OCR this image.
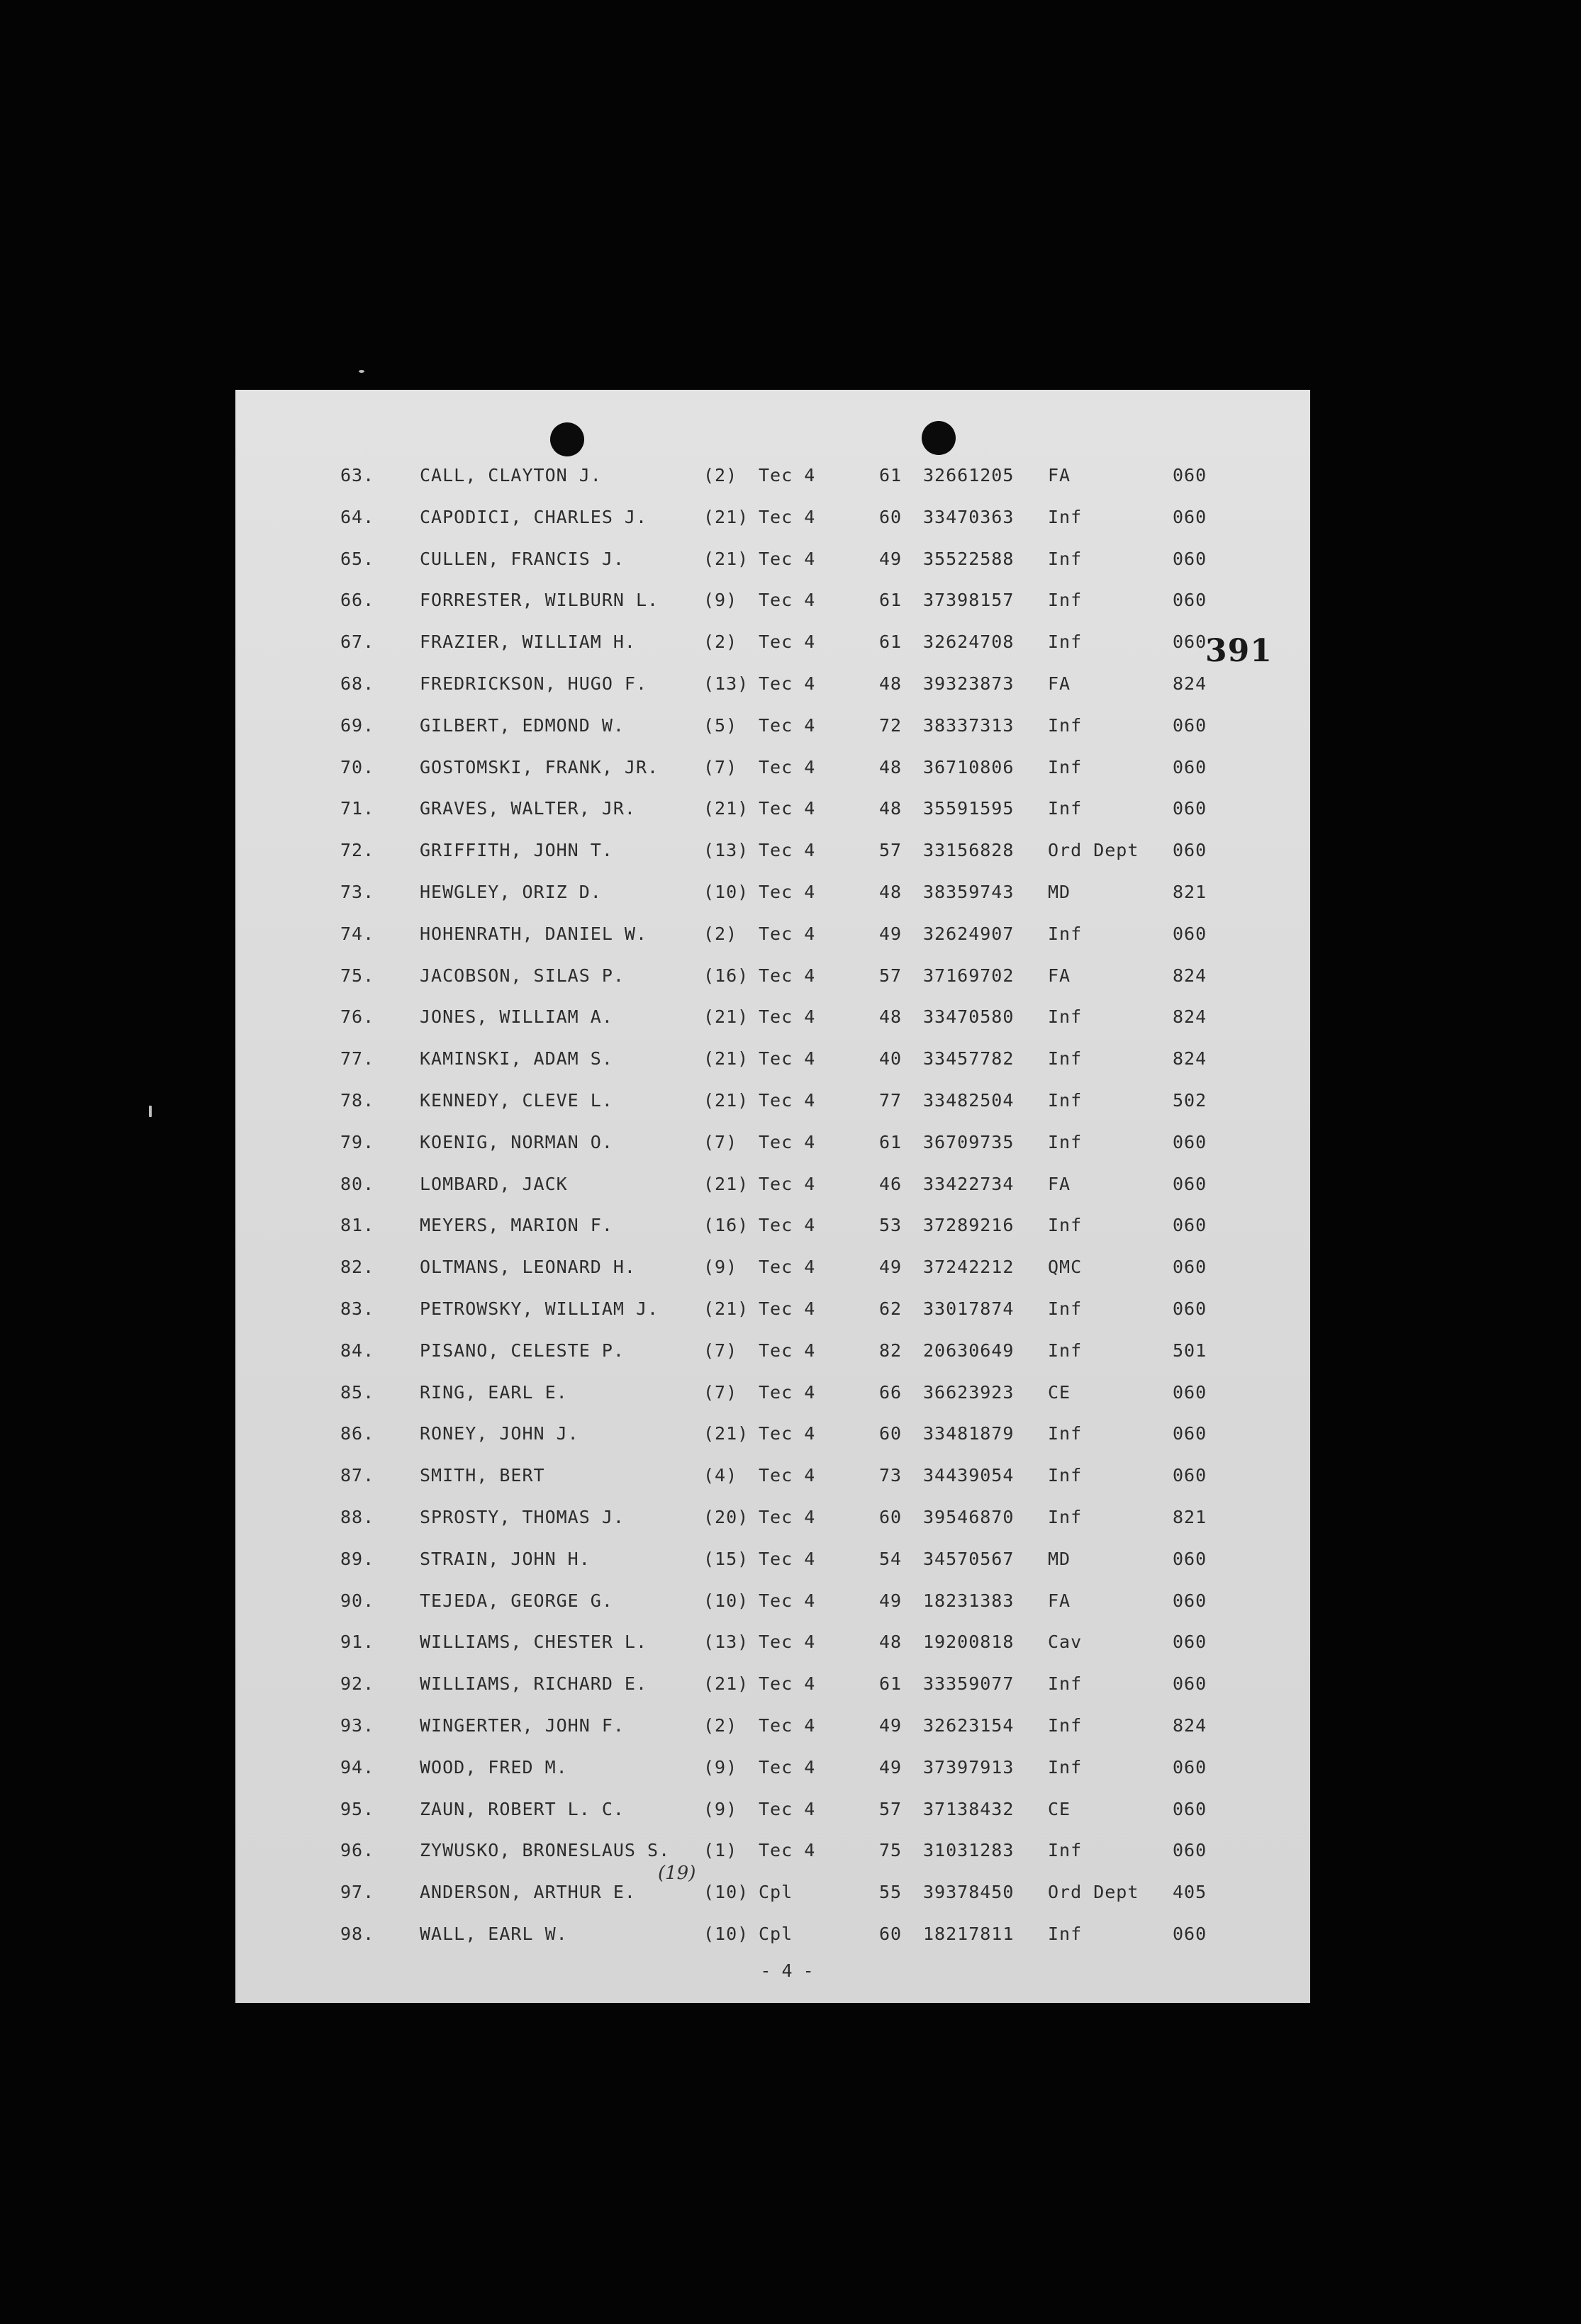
391
63.	CALL, CLAYTON J.	(2) Tec 4	61 32661205 FA	060
64.	CAPODICI, CHARLES J.	(21) Tec 4	60 33470363 Inf	060
65.	CULLEN, FRANCIS J.	(21) Tec 4	49 35522588 Inf	060
66.	FORRESTER, WILBURN L.	(9) Tec 4	61 37398157 Inf	060
67.	FRAZIER, WILLIAM H.	(2) Tec 4	61 32624708 Inf	060
68.	FREDRICKSON, HUGO F.	(13) Tec 4	48 39323873 FA	824
69.	GILBERT, EDMOND W.	(5) Tec 4	72 38337313 Inf	060
70.	GOSTOMSKI, FRANK, JR.	(7) Tec 4	48 36710806 Inf	060
71.	GRAVES, WALTER, JR.	(21) Tec 4	48 35591595 Inf	060
72.	GRIFFITH, JOHN T.	(13) Tec 4	57 33156828 Ord Dept 060
73.	HEWGLEY, ORIZ D.	(10) Tec 4	48 38359743 MD	821
74.	HOHENRATH, DANIEL W.	(2) Tec 4	49 32624907 Inf	060
75.	JACOBSON, SILAS P.	(16) Tec 4	57 37169702 FA	824
76.	JONES, WILLIAM A.	(21) Tec 4	48 33470580 Inf	824
77.	KAMINSKI, ADAM S.	(21) Tec 4	40 33457782 Inf	824
78.	KENNEDY, CLEVE L.	(21) Tec 4	77 33482504 Inf	502
79.	KOENIG, NORMAN O.	(7) Tec 4	61 36709735 Inf	060
80.	LOMBARD, JACK	(21) Tec 4	46 33422734 FA	060
81.	MEYERS, MARION F.	(16) Tec 4	53 37289216 Inf	060
82.	OLTMANS, LEONARD H.	(9) Tec 4	49 37242212 QMC	060
83.	PETROWSKY, WILLIAM J.	(21) Tec 4	62 33017874 Inf	060
84.	PISANO, CELESTE P.	(7) Tec 4	82 20630649 Inf	501
85.	RING, EARL E.	(7) Tec 4	66 36623923 CE	060
86.	RONEY, JOHN J.	(21) Tec 4	60 33481879 Inf	060
87.	SMITH, BERT	(4) Tec 4	73 34439054 Inf	060
88.	SPROSTY, THOMAS J.	(20) Tec 4	60 39546870 Inf	821
89.	STRAIN, JOHN H.	(15) Tec 4	54 34570567 MD	060
90.	TEJEDA, GEORGE G.	(10) Tec 4	49 18231383 FA	060
91.	WILLIAMS, CHESTER L.	(13) Tec 4	48 19200818 Cav	060
92.	WILLIAMS, RICHARD E.	(21) Tec 4	61 33359077 Inf	060
93.	WINGERTER, JOHN F.	(2) Tec 4	49 32623154 Inf	824
94.	WOOD, FRED M.	(9) Tec 4	49 37397913 Inf	060
95.	ZAUN, ROBERT L. C.	(9) Tec 4	57 37138432 CE	060
96.	ZYWUSKO, BRONESLAUS S. (1) Tec 4	75 31031283 Inf	060
97.	ANDERSON, ARTHUR E.	(10) Cpl	55 39378450 Ord Dept 405
98.	WALL, EARL W.	(10) Cpl	60 18217811 Inf	060
(19)
- 4 -
